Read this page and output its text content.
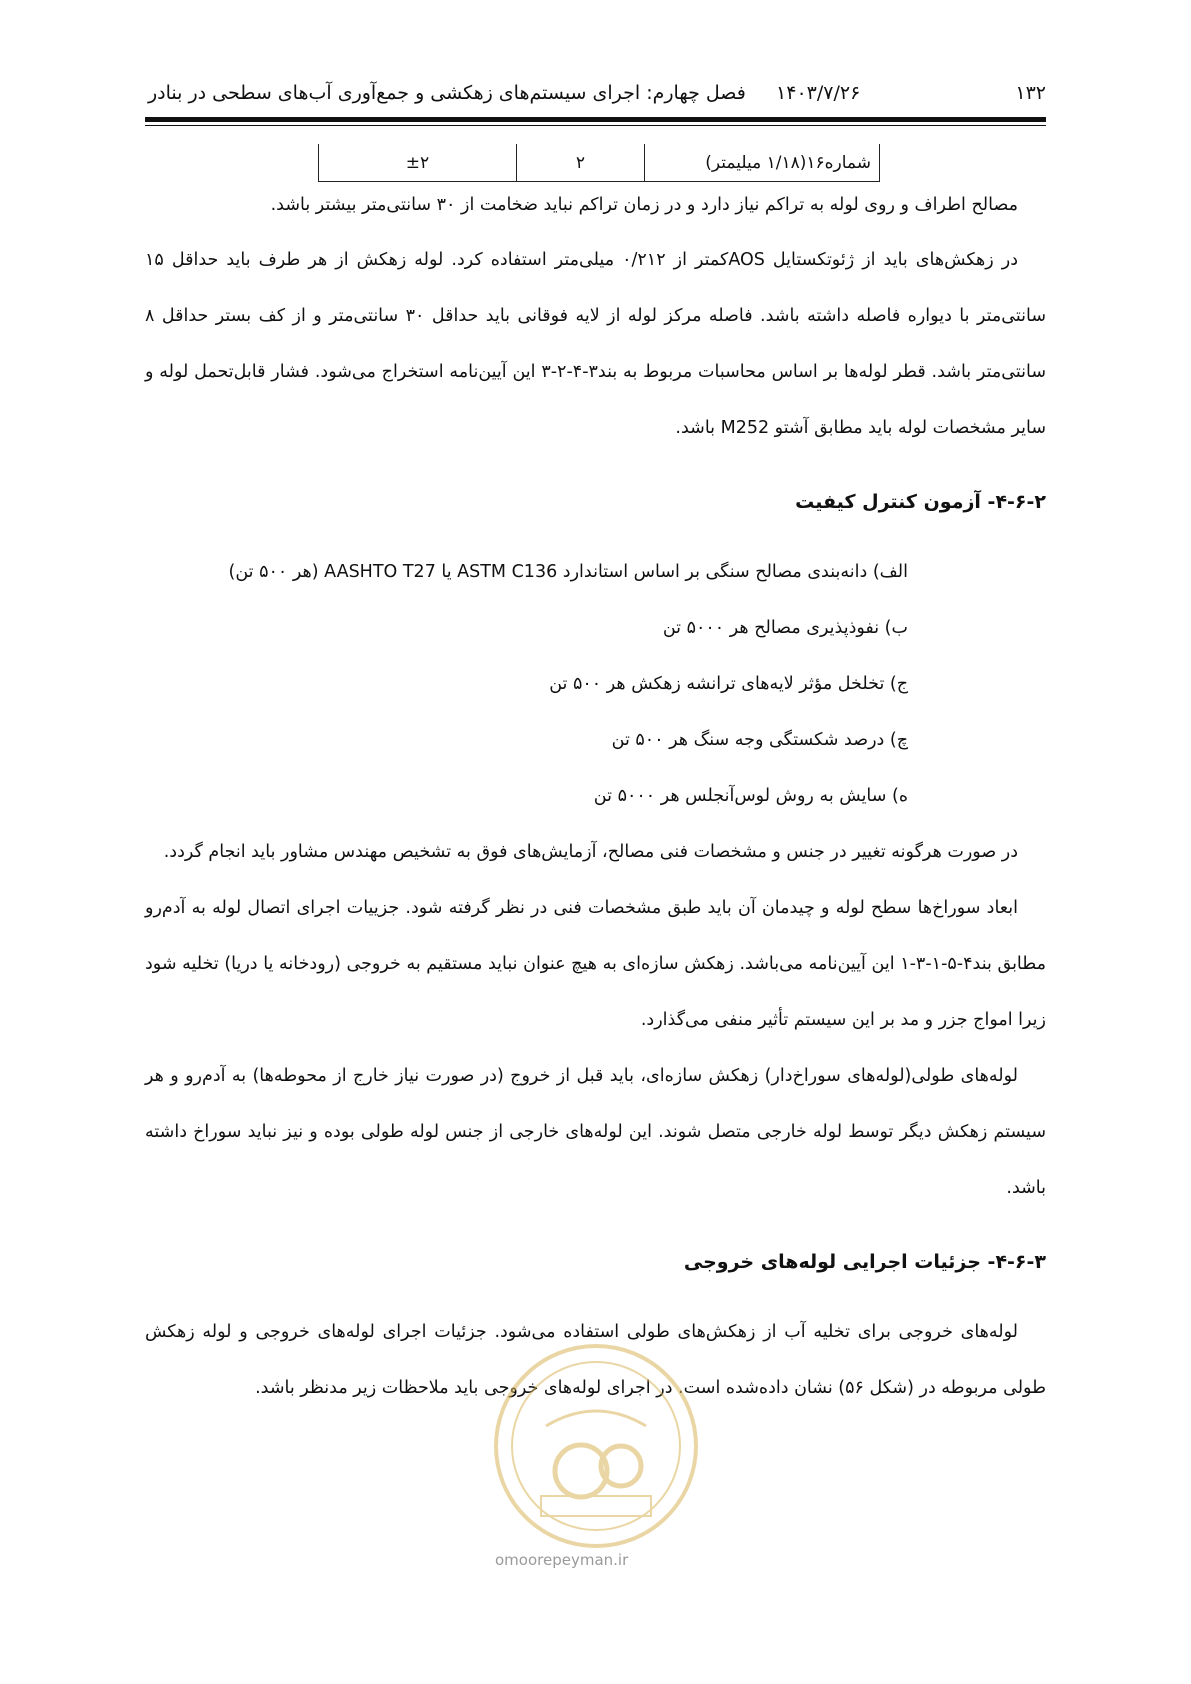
۱۳۲
۱۴۰۳/۷/۲۶     فصل چهارم: اجرای سیستم‌های زهکشی و جمع‌آوری آب‌های سطحی در بنادر
شماره۱۶(۱/۱۸ میلیمتر)	۲	±۲

مصالح اطراف و روی لوله به تراکم نیاز دارد و در زمان تراکم نباید ضخامت از ۳۰ سانتی‌متر بیشتر باشد.

در زهکش‌های باید از ژئوتکستایل AOSکمتر از ۰/۲۱۲ میلی‌متر استفاده کرد. لوله زهکش از هر طرف باید حداقل ۱۵ سانتی‌متر با دیواره فاصله داشته باشد. فاصله مرکز لوله از لایه فوقانی باید حداقل ۳۰ سانتی‌متر و از کف بستر حداقل ۸ سانتی‌متر باشد. قطر لوله‌ها بر اساس محاسبات مربوط به بند۳-۴-۲-۳ این آیین‌نامه استخراج می‌شود. فشار قابل‌تحمل لوله و سایر مشخصات لوله باید مطابق آشتو M252 باشد.

۴-۶-۲- آزمون کنترل کیفیت

الف) دانه‌بندی مصالح سنگی بر اساس استاندارد ASTM C136 یا AASHTO T27 (هر ۵۰۰ تن)

ب) نفوذپذیری مصالح هر ۵۰۰۰ تن

ج) تخلخل مؤثر لایه‌های ترانشه زهکش هر ۵۰۰ تن

چ) درصد شکستگی وجه سنگ هر ۵۰۰ تن

ه) سایش به روش لوس‌آنجلس هر ۵۰۰۰ تن

در صورت هرگونه تغییر در جنس و مشخصات فنی مصالح، آزمایش‌های فوق به تشخیص مهندس مشاور باید انجام گردد.

ابعاد سوراخ‌ها سطح لوله و چیدمان آن باید طبق مشخصات فنی در نظر گرفته شود. جزییات اجرای اتصال لوله به آدم‌رو مطابق بند۴-۵-۱-۳-۱ این آیین‌نامه می‌باشد. زهکش سازه‌ای به هیچ عنوان نباید مستقیم به خروجی (رودخانه یا دریا) تخلیه شود زیرا امواج جزر و مد بر این سیستم تأثیر منفی می‌گذارد.

لوله‌های طولی(لوله‌های سوراخ‌دار) زهکش سازه‌ای، باید قبل از خروج (در صورت نیاز خارج از محوطه‌ها) به آدم‌رو و هر سیستم زهکش دیگر توسط لوله خارجی متصل شوند. این لوله‌های خارجی از جنس لوله طولی بوده و نیز نباید سوراخ داشته باشد.

۴-۶-۳- جزئیات اجرایی لوله‌های خروجی

لوله‌های خروجی برای تخلیه آب از زهکش‌های طولی استفاده می‌شود. جزئیات اجرای لوله‌های خروجی و لوله زهکش طولی مربوطه در (شکل ۵۶) نشان داده‌شده است. در اجرای لوله‌های خروجی باید ملاحظات زیر مدنظر باشد.

omoorepeyman.ir
